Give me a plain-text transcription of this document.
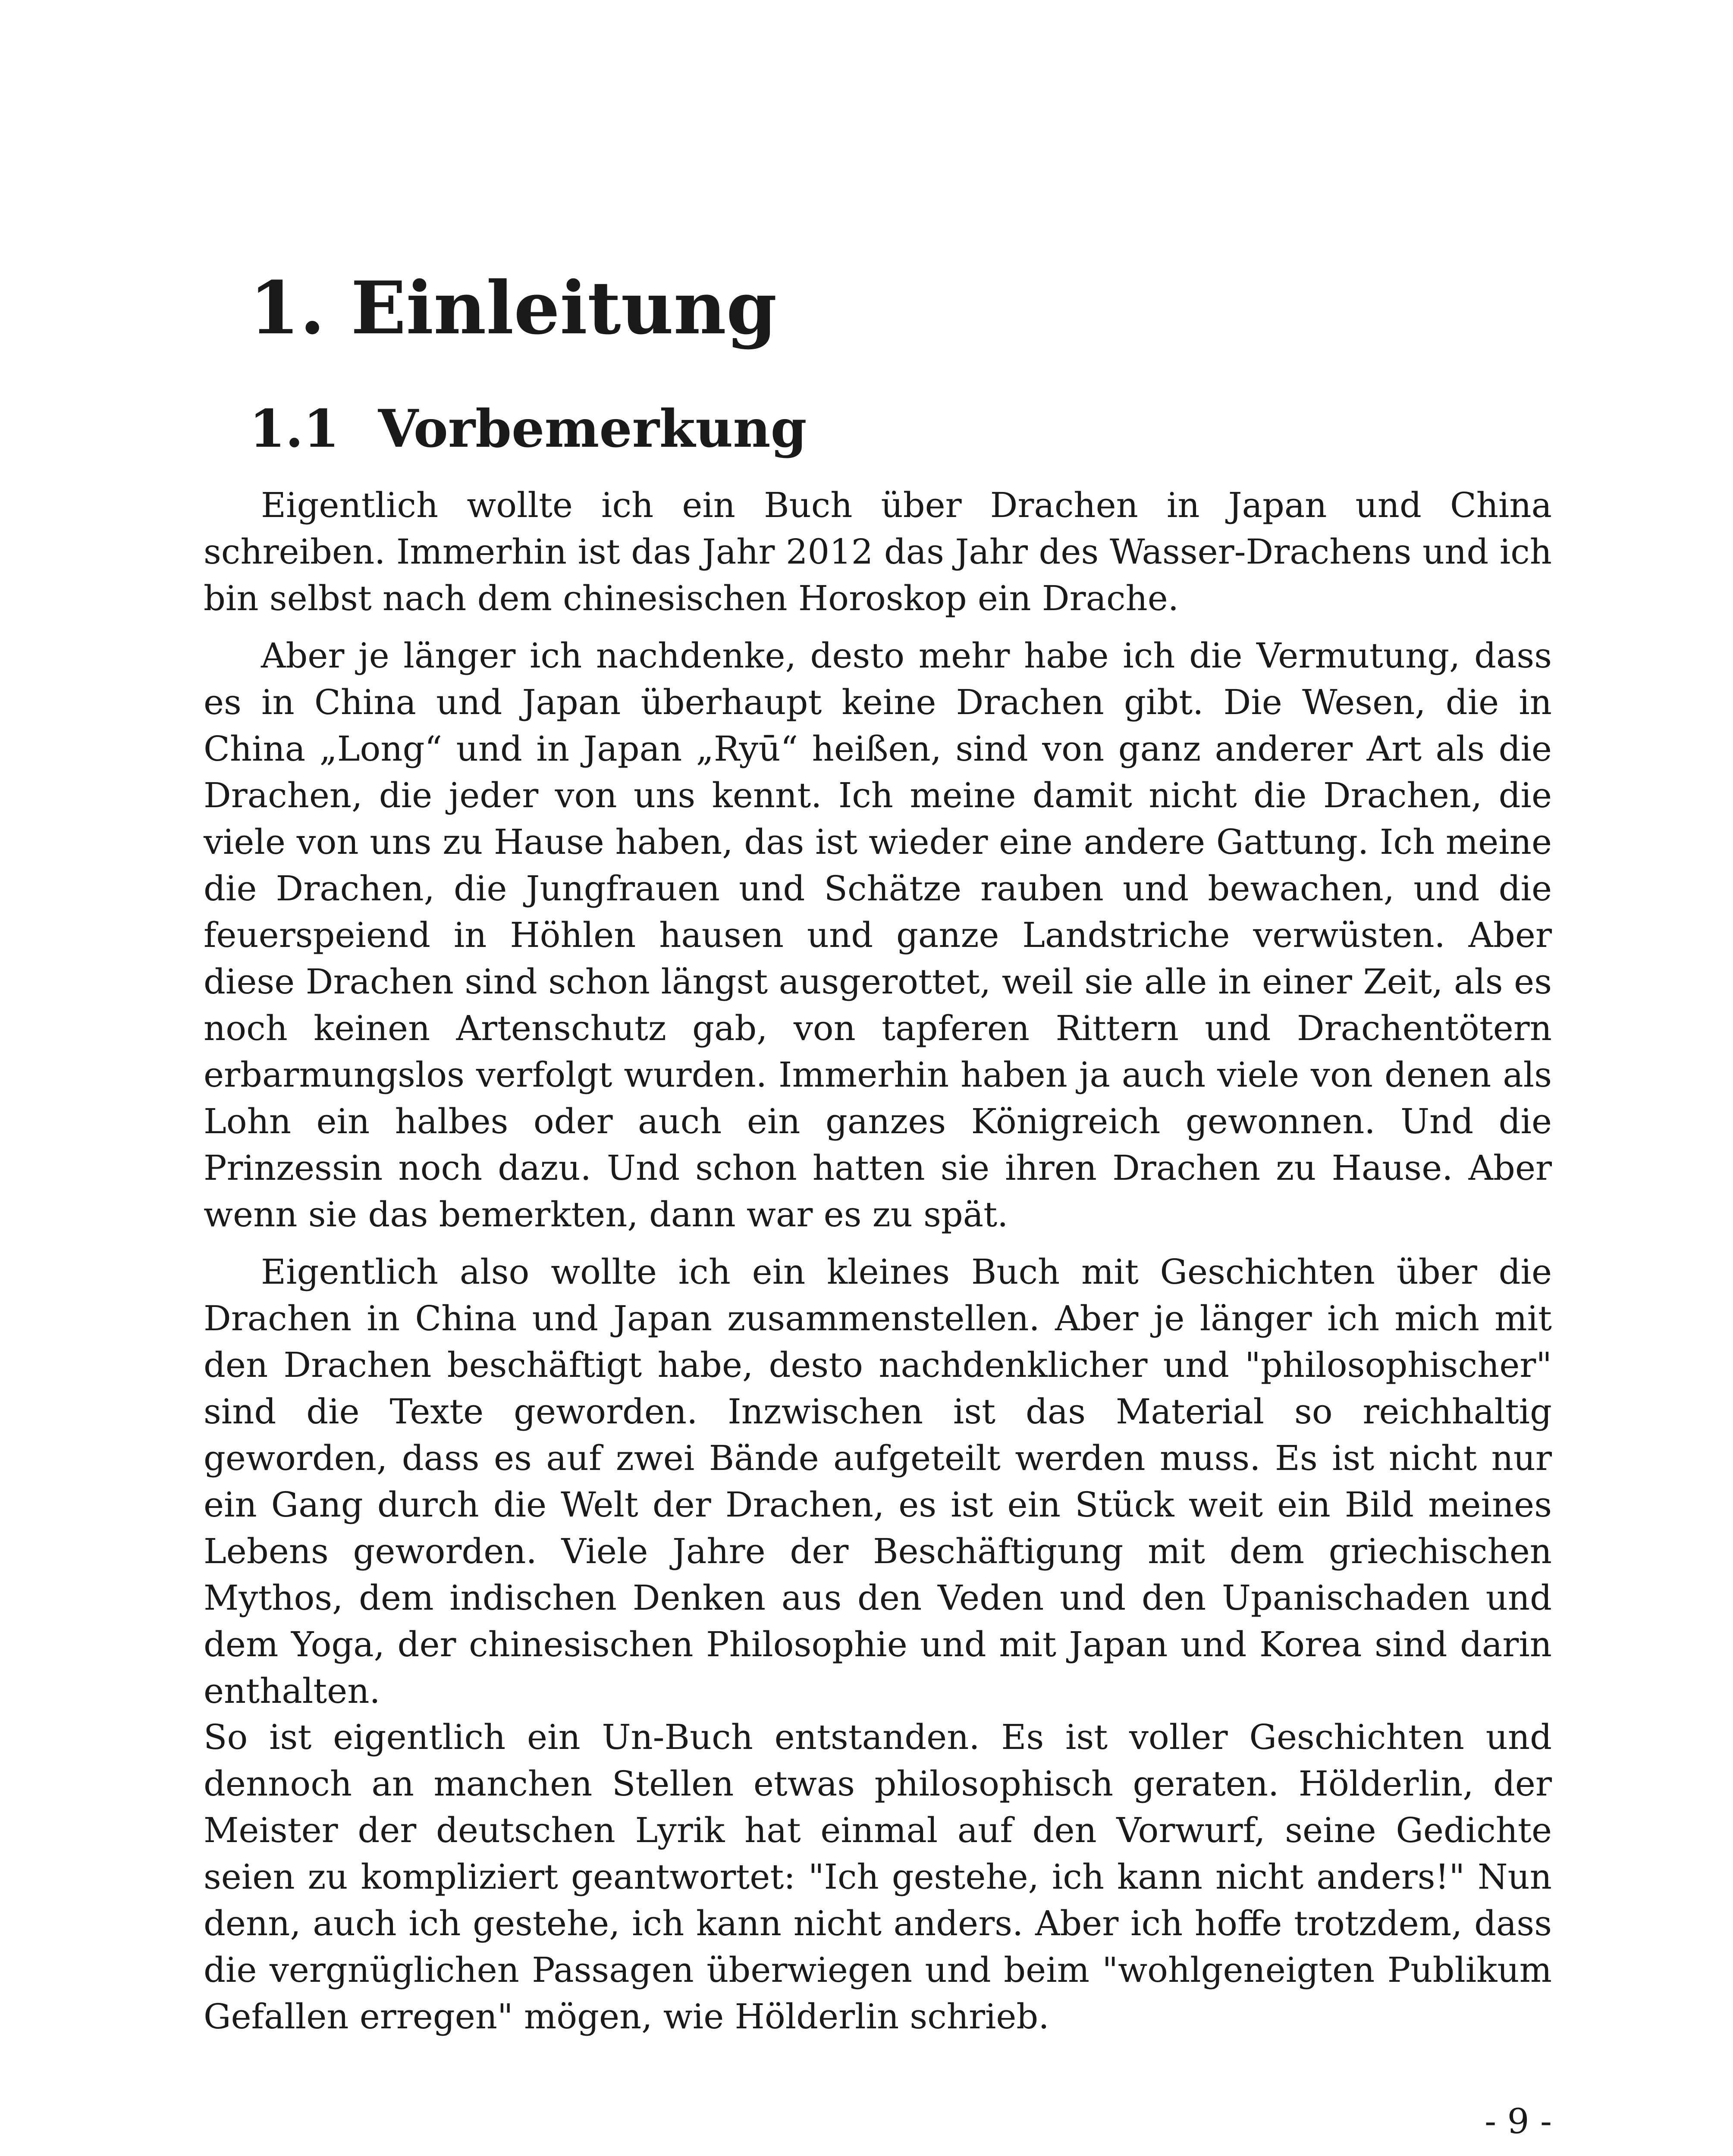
1. Einleitung
1.1 Vorbemerkung

Eigentlich wollte ich ein Buch über Drachen in Japan und China schreiben. Immerhin ist das Jahr 2012 das Jahr des Wasser-Drachens und ich bin selbst nach dem chinesischen Horoskop ein Drache.

Aber je länger ich nachdenke, desto mehr habe ich die Vermutung, dass es in China und Japan überhaupt keine Drachen gibt. Die Wesen, die in China „Long“ und in Japan „Ryū“ heißen, sind von ganz anderer Art als die Drachen, die jeder von uns kennt. Ich meine damit nicht die Drachen, die viele von uns zu Hause haben, das ist wieder eine andere Gattung. Ich meine die Drachen, die Jungfrauen und Schätze rauben und bewachen, und die feuerspeiend in Höhlen hausen und ganze Landstriche verwüsten. Aber diese Drachen sind schon längst ausgerottet, weil sie alle in einer Zeit, als es noch keinen Artenschutz gab, von tapferen Rittern und Drachentötern erbarmungslos verfolgt wurden. Immerhin haben ja auch viele von denen als Lohn ein halbes oder auch ein ganzes Königreich gewonnen. Und die Prinzessin noch dazu. Und schon hatten sie ihren Drachen zu Hause. Aber wenn sie das bemerkten, dann war es zu spät.

Eigentlich also wollte ich ein kleines Buch mit Geschichten über die Drachen in China und Japan zusammenstellen. Aber je länger ich mich mit den Drachen beschäftigt habe, desto nachdenklicher und "philosophischer" sind die Texte geworden. Inzwischen ist das Material so reichhaltig geworden, dass es auf zwei Bände aufgeteilt werden muss. Es ist nicht nur ein Gang durch die Welt der Drachen, es ist ein Stück weit ein Bild meines Lebens geworden. Viele Jahre der Beschäftigung mit dem griechischen Mythos, dem indischen Denken aus den Veden und den Upanischaden und dem Yoga, der chinesischen Philosophie und mit Japan und Korea sind darin enthalten.

So ist eigentlich ein Un-Buch entstanden. Es ist voller Geschichten und dennoch an manchen Stellen etwas philosophisch geraten. Hölderlin, der Meister der deutschen Lyrik hat einmal auf den Vorwurf, seine Gedichte seien zu kompliziert geantwortet: "Ich gestehe, ich kann nicht anders!" Nun denn, auch ich gestehe, ich kann nicht anders. Aber ich hoffe trotzdem, dass die vergnüglichen Passagen überwiegen und beim "wohlgeneigten Publikum Gefallen erregen" mögen, wie Hölderlin schrieb.

- 9 -
